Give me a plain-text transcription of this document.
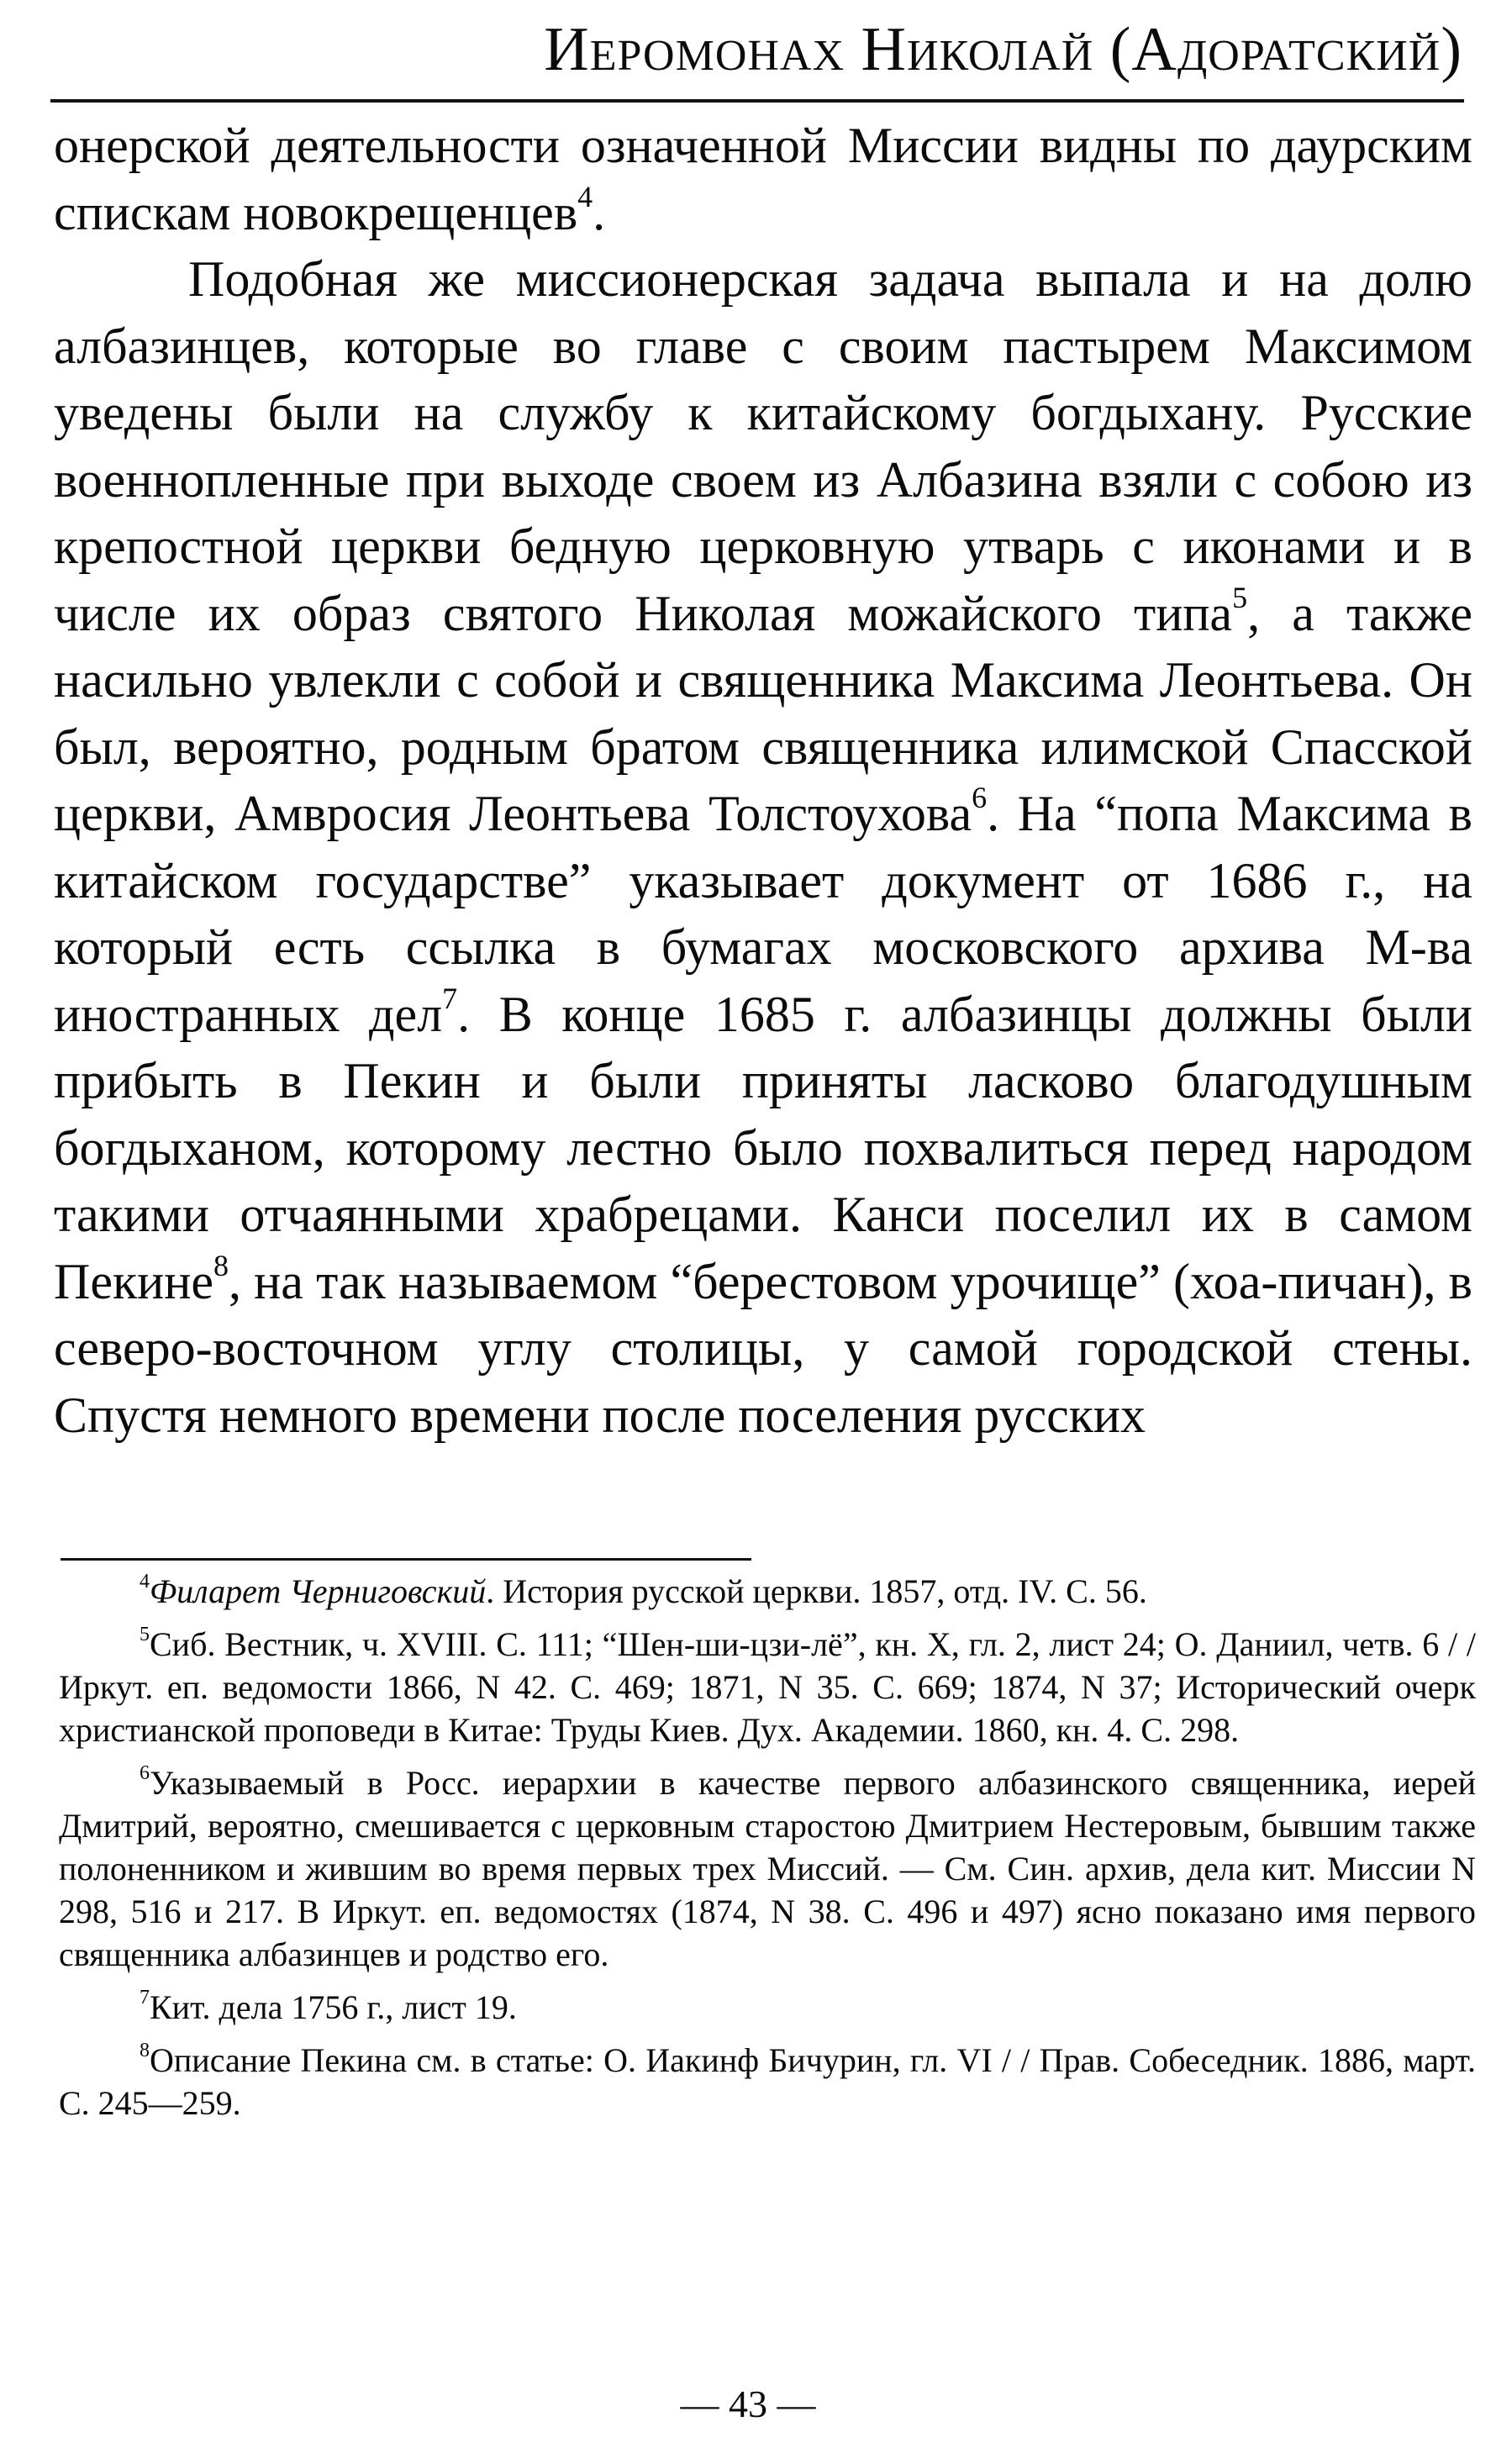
Иеромонах Николай (Адоратский)

онерской деятельности означенной Миссии видны по даурским спискам новокрещенцев$^4$.

Подобная же миссионерская задача выпала и на долю албазинцев, которые во главе с своим пастырем Максимом уведены были на службу к китайскому богдыхану. Русские военнопленные при выходе своем из Албазина взяли с собою из крепостной церкви бедную церковную утварь с иконами и в числе их образ святого Николая можайского типа$^5$, а также насильно увлекли с собой и священника Максима Леонтьева. Он был, вероятно, родным братом священника илимской Спасской церкви, Амвросия Леонтьева Толстоухова$^6$. На “попа Максима в китайском государстве” указывает документ от 1686 г., на который есть ссылка в бумагах московского архива М-ва иностранных дел$^7$. В конце 1685 г. албазинцы должны были прибыть в Пекин и были приняты ласково благодушным богдыханом, которому лестно было похвалиться перед народом такими отчаянными храбрецами. Канси поселил их в самом Пекине$^8$, на так называемом “берестовом урочище” (хоа-пичан), в северо-восточном углу столицы, у самой городской стены. Спустя немного времени после поселения русских

$^4$Филарет Черниговский. История русской церкви. 1857, отд. IV. С. 56.

$^5$Сиб. Вестник, ч. XVIII. С. 111; “Шен-ши-цзи-лё”, кн. X, гл. 2, лист 24; О. Даниил, четв. 6 / / Иркут. еп. ведомости 1866, N 42. С. 469; 1871, N 35. С. 669; 1874, N 37; Исторический очерк христианской проповеди в Китае: Труды Киев. Дух. Академии. 1860, кн. 4. С. 298.

$^6$Указываемый в Росс. иерархии в качестве первого албазинского священника, иерей Дмитрий, вероятно, смешивается с церковным старостою Дмитрием Нестеровым, бывшим также полоненником и жившим во время первых трех Миссий. — См. Син. архив, дела кит. Миссии N 298, 516 и 217. В Иркут. еп. ведомостях (1874, N 38. С. 496 и 497) ясно показано имя первого священника албазинцев и родство его.

$^7$Кит. дела 1756 г., лист 19.

$^8$Описание Пекина см. в статье: О. Иакинф Бичурин, гл. VI / / Прав. Собеседник. 1886, март. С. 245—259.

— 43 —
